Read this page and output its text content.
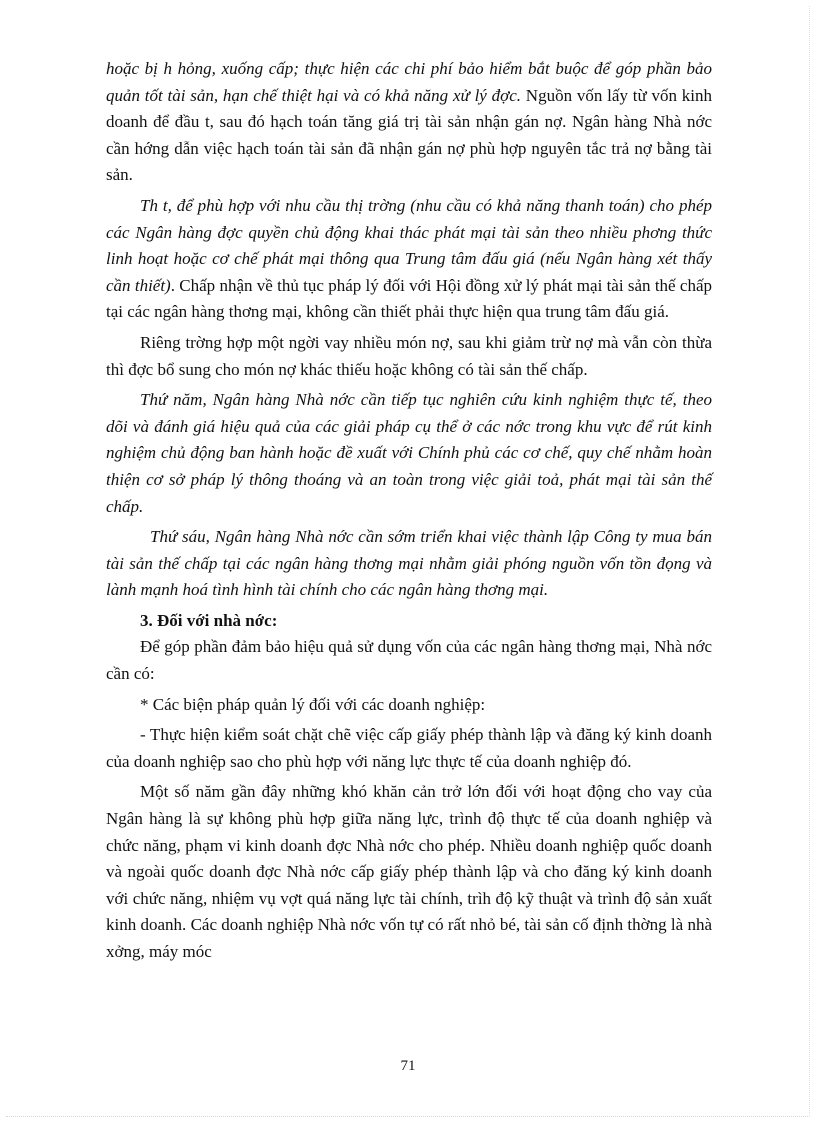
hoặc bị h hỏng, xuống cấp; thực hiện các chi phí bảo hiểm bắt buộc để góp phần bảo quản tốt tài sản, hạn chế thiệt hại và có khả năng xử lý đợc. Nguồn vốn lấy từ vốn kinh doanh để đầu t, sau đó hạch toán tăng giá trị tài sản nhận gán nợ. Ngân hàng Nhà nớc cần hớng dẫn việc hạch toán tài sản đã nhận gán nợ phù hợp nguyên tắc trả nợ bằng tài sản.

Th t, để phù hợp với nhu cầu thị trờng (nhu cầu có khả năng thanh toán) cho phép các Ngân hàng đợc quyền chủ động khai thác phát mại tài sản theo nhiều phơng thức linh hoạt hoặc cơ chế phát mại thông qua Trung tâm đấu giá (nếu Ngân hàng xét thấy cần thiết). Chấp nhận về thủ tục pháp lý đối với Hội đồng xử lý phát mại tài sản thế chấp tại các ngân hàng thơng mại, không cần thiết phải thực hiện qua trung tâm đấu giá.

Riêng trờng hợp một ngời vay nhiều món nợ, sau khi giảm trừ nợ mà vẫn còn thừa thì đợc bổ sung cho món nợ khác thiếu hoặc không có tài sản thế chấp.

Thứ năm, Ngân hàng Nhà nớc cần tiếp tục nghiên cứu kinh nghiệm thực tế, theo dõi và đánh giá hiệu quả của các giải pháp cụ thể ở các nớc trong khu vực để rút kinh nghiệm chủ động ban hành hoặc đề xuất với Chính phủ các cơ chế, quy chế nhằm hoàn thiện cơ sở pháp lý thông thoáng và an toàn trong việc giải toả, phát mại tài sản thế chấp.

Thứ sáu, Ngân hàng Nhà nớc cần sớm triển khai việc thành lập Công ty mua bán tài sản thế chấp tại các ngân hàng thơng mại nhằm giải phóng nguồn vốn tồn đọng và lành mạnh hoá tình hình tài chính cho các ngân hàng thơng mại.

3. Đối với nhà nớc:

Để góp phần đảm bảo hiệu quả sử dụng vốn của các ngân hàng thơng mại, Nhà nớc cần có:

* Các biện pháp quản lý đối với các doanh nghiệp:

- Thực hiện kiểm soát chặt chẽ việc cấp giấy phép thành lập và đăng ký kinh doanh của doanh nghiệp sao cho phù hợp với năng lực thực tế của doanh nghiệp đó.

Một số năm gần đây những khó khăn cản trở lớn đối với hoạt động cho vay của Ngân hàng là sự không phù hợp giữa năng lực, trình độ thực tế của doanh nghiệp và chức năng, phạm vi kinh doanh đợc Nhà nớc cho phép. Nhiều doanh nghiệp quốc doanh và ngoài quốc doanh đợc Nhà nớc cấp giấy phép thành lập và cho đăng ký kinh doanh với chức năng, nhiệm vụ vợt quá năng lực tài chính, trìh độ kỹ thuật và trình độ sản xuất kinh doanh. Các doanh nghiệp Nhà nớc vốn tự có rất nhỏ bé, tài sản cố định thờng là nhà xởng, máy móc

71
